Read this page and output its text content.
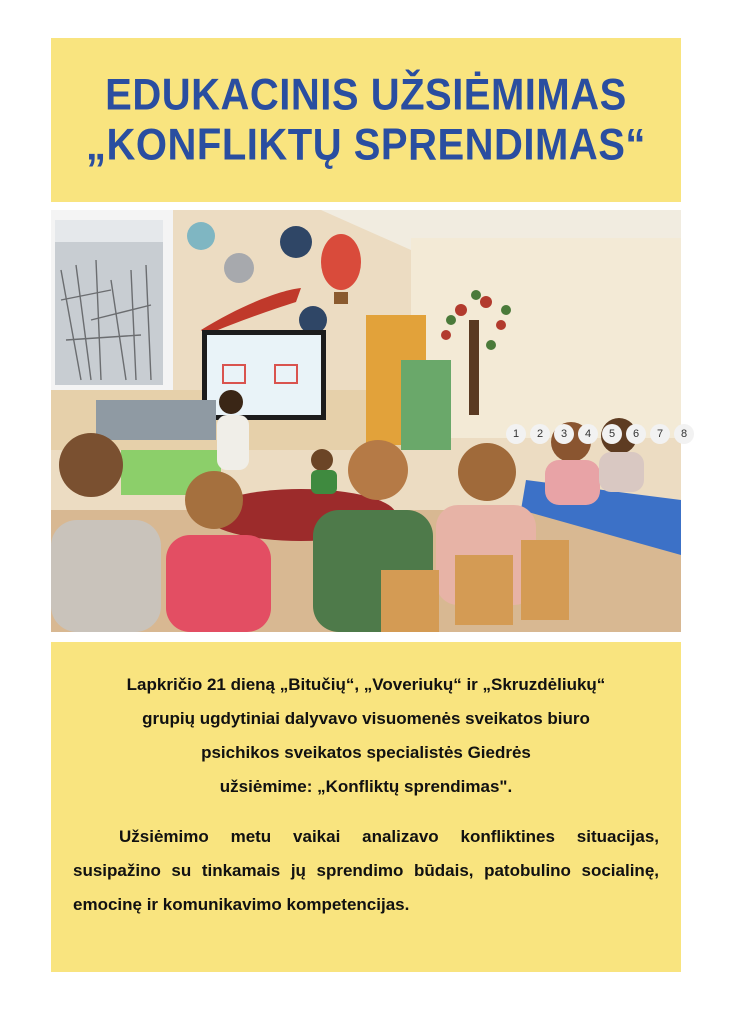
EDUKACINIS UŽSIĖMIMAS
„KONFLIKTŲ SPRENDIMAS“
1	2	3	4	5	6	7	8

Lapkričio 21 dieną „Bitučių“, „Voveriukų“ ir „Skruzdėliukų“
grupių ugdytiniai dalyvavo visuomenės sveikatos biuro
psichikos sveikatos specialistės Giedrės
užsiėmime: „Konfliktų sprendimas".

Užsiėmimo metu vaikai analizavo konfliktines situacijas, susipažino su tinkamais jų sprendimo būdais, patobulino socialinę, emocinę ir komunikavimo kompetencijas.
